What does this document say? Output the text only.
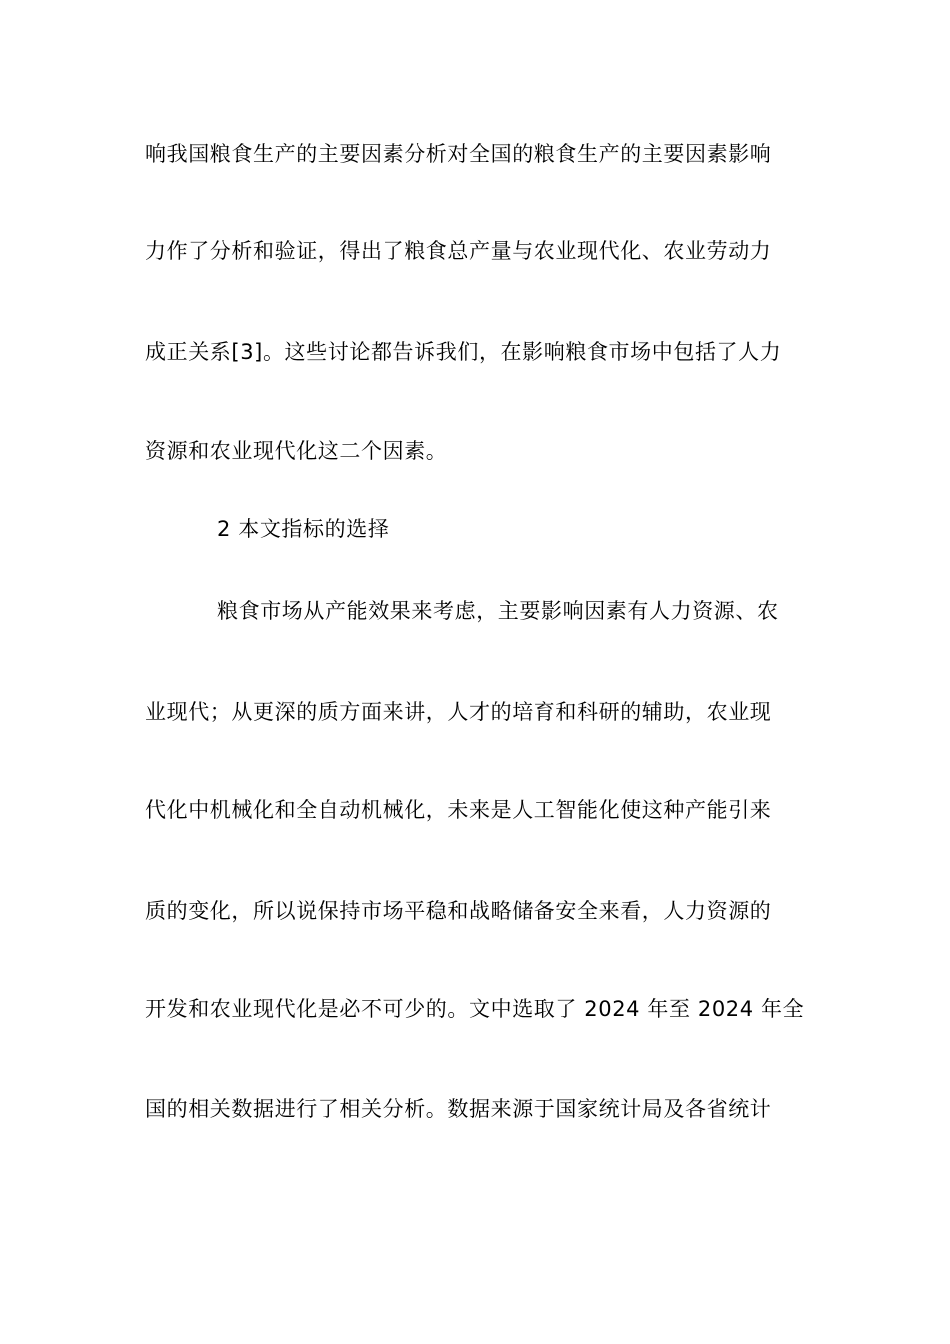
响我国粮食生产的主要因素分析对全国的粮食生产的主要因素影响
力作了分析和验证，得出了粮食总产量与农业现代化、农业劳动力
成正关系[3]。这些讨论都告诉我们，在影响粮食市场中包括了人力
资源和农业现代化这二个因素。
2 本文指标的选择
粮食市场从产能效果来考虑，主要影响因素有人力资源、农
业现代；从更深的质方面来讲，人才的培育和科研的辅助，农业现
代化中机械化和全自动机械化，未来是人工智能化使这种产能引来
质的变化，所以说保持市场平稳和战略储备安全来看，人力资源的
开发和农业现代化是必不可少的。文中选取了 2024 年至 2024 年全
国的相关数据进行了相关分析。数据来源于国家统计局及各省统计
